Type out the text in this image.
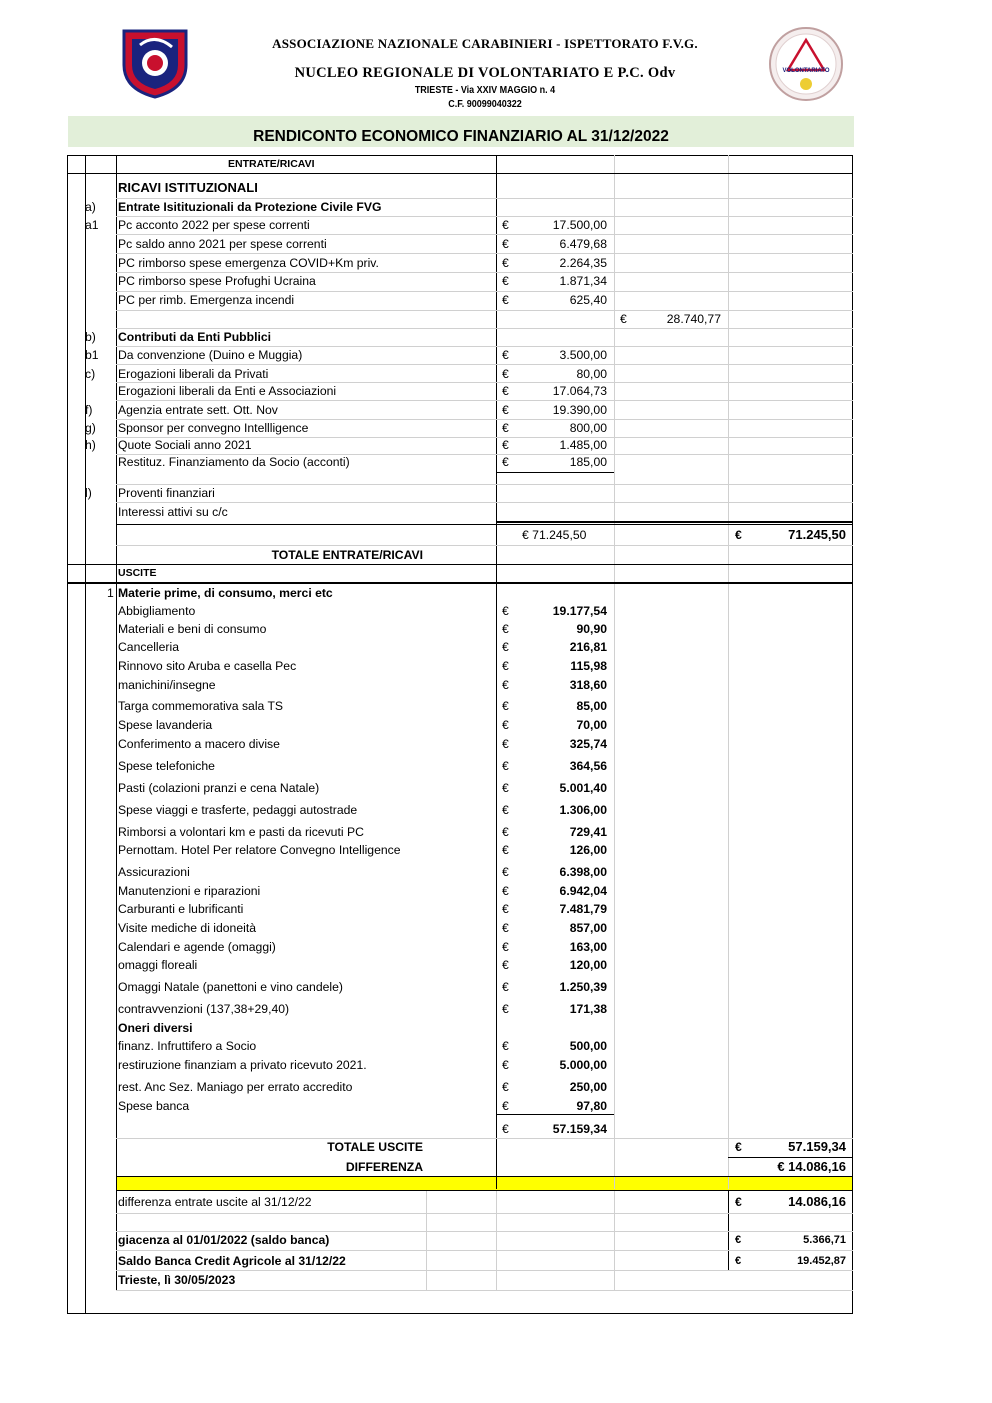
VOLONTARIATO
ASSOCIAZIONE NAZIONALE CARABINIERI - ISPETTORATO F.V.G.
NUCLEO REGIONALE DI VOLONTARIATO E P.C. Odv
TRIESTE - Via XXIV MAGGIO n. 4
C.F. 90099040322
RENDICONTO ECONOMICO FINANZIARIO AL 31/12/2022
ENTRATE/RICAVI
RICAVI ISTITUZIONALI
a) Entrate Isitituzionali da Protezione Civile FVG
a1 Pc acconto 2022 per spese correnti	€	17.500,00
Pc saldo anno 2021 per spese correnti	€	6.479,68
PC rimborso spese emergenza COVID+Km priv.	€	2.264,35
PC rimborso spese Profughi Ucraina	€	1.871,34
PC per rimb. Emergenza incendi	€	625,40
€	28.740,77
b) Contributi da Enti Pubblici
b1 Da convenzione (Duino e Muggia)	€	3.500,00
c) Erogazioni liberali da Privati	€	80,00
Erogazioni liberali da Enti e Associazioni	€	17.064,73
f) Agenzia entrate sett. Ott. Nov	€	19.390,00
g) Sponsor per convegno Intellligence	€	800,00
h) Quote Sociali anno 2021	€	1.485,00
Restituz. Finanziamento da Socio (acconti)	€	185,00
l) Proventi finanziari
Interessi attivi su c/c
€ 71.245,50	€	71.245,50
TOTALE ENTRATE/RICAVI
USCITE
1 Materie prime, di consumo, merci etc
Abbigliamento	€	19.177,54
Materiali e beni di consumo	€	90,90
Cancelleria	€	216,81
Rinnovo sito Aruba e casella Pec	€	115,98
manichini/insegne	€	318,60
Targa commemorativa sala TS	€	85,00
Spese lavanderia	€	70,00
Conferimento a macero divise	€	325,74
Spese telefoniche	€	364,56
Pasti (colazioni pranzi e cena Natale)	€	5.001,40
Spese viaggi e trasferte, pedaggi autostrade	€	1.306,00
Rimborsi a volontari km e pasti da ricevuti PC	€	729,41
Pernottam. Hotel Per relatore Convegno Intelligence	€	126,00
Assicurazioni	€	6.398,00
Manutenzioni e riparazioni	€	6.942,04
Carburanti e lubrificanti	€	7.481,79
Visite mediche di idoneità	€	857,00
Calendari e agende (omaggi)	€	163,00
omaggi floreali	€	120,00
Omaggi Natale (panettoni e vino candele)	€	1.250,39
contravvenzioni (137,38+29,40)	€	171,38
Oneri diversi
finanz. Infruttifero a Socio	€	500,00
restiruzione finanziam a privato ricevuto 2021.	€	5.000,00
rest. Anc Sez. Maniago per errato accredito	€	250,00
Spese banca	€	97,80
€	57.159,34
TOTALE USCITE	€	57.159,34
DIFFERENZA	€ 14.086,16
differenza entrate uscite al 31/12/22	€	14.086,16
giacenza al 01/01/2022 (saldo banca)	€	5.366,71
Saldo Banca Credit Agricole al 31/12/22	€	19.452,87
Trieste, lì 30/05/2023
